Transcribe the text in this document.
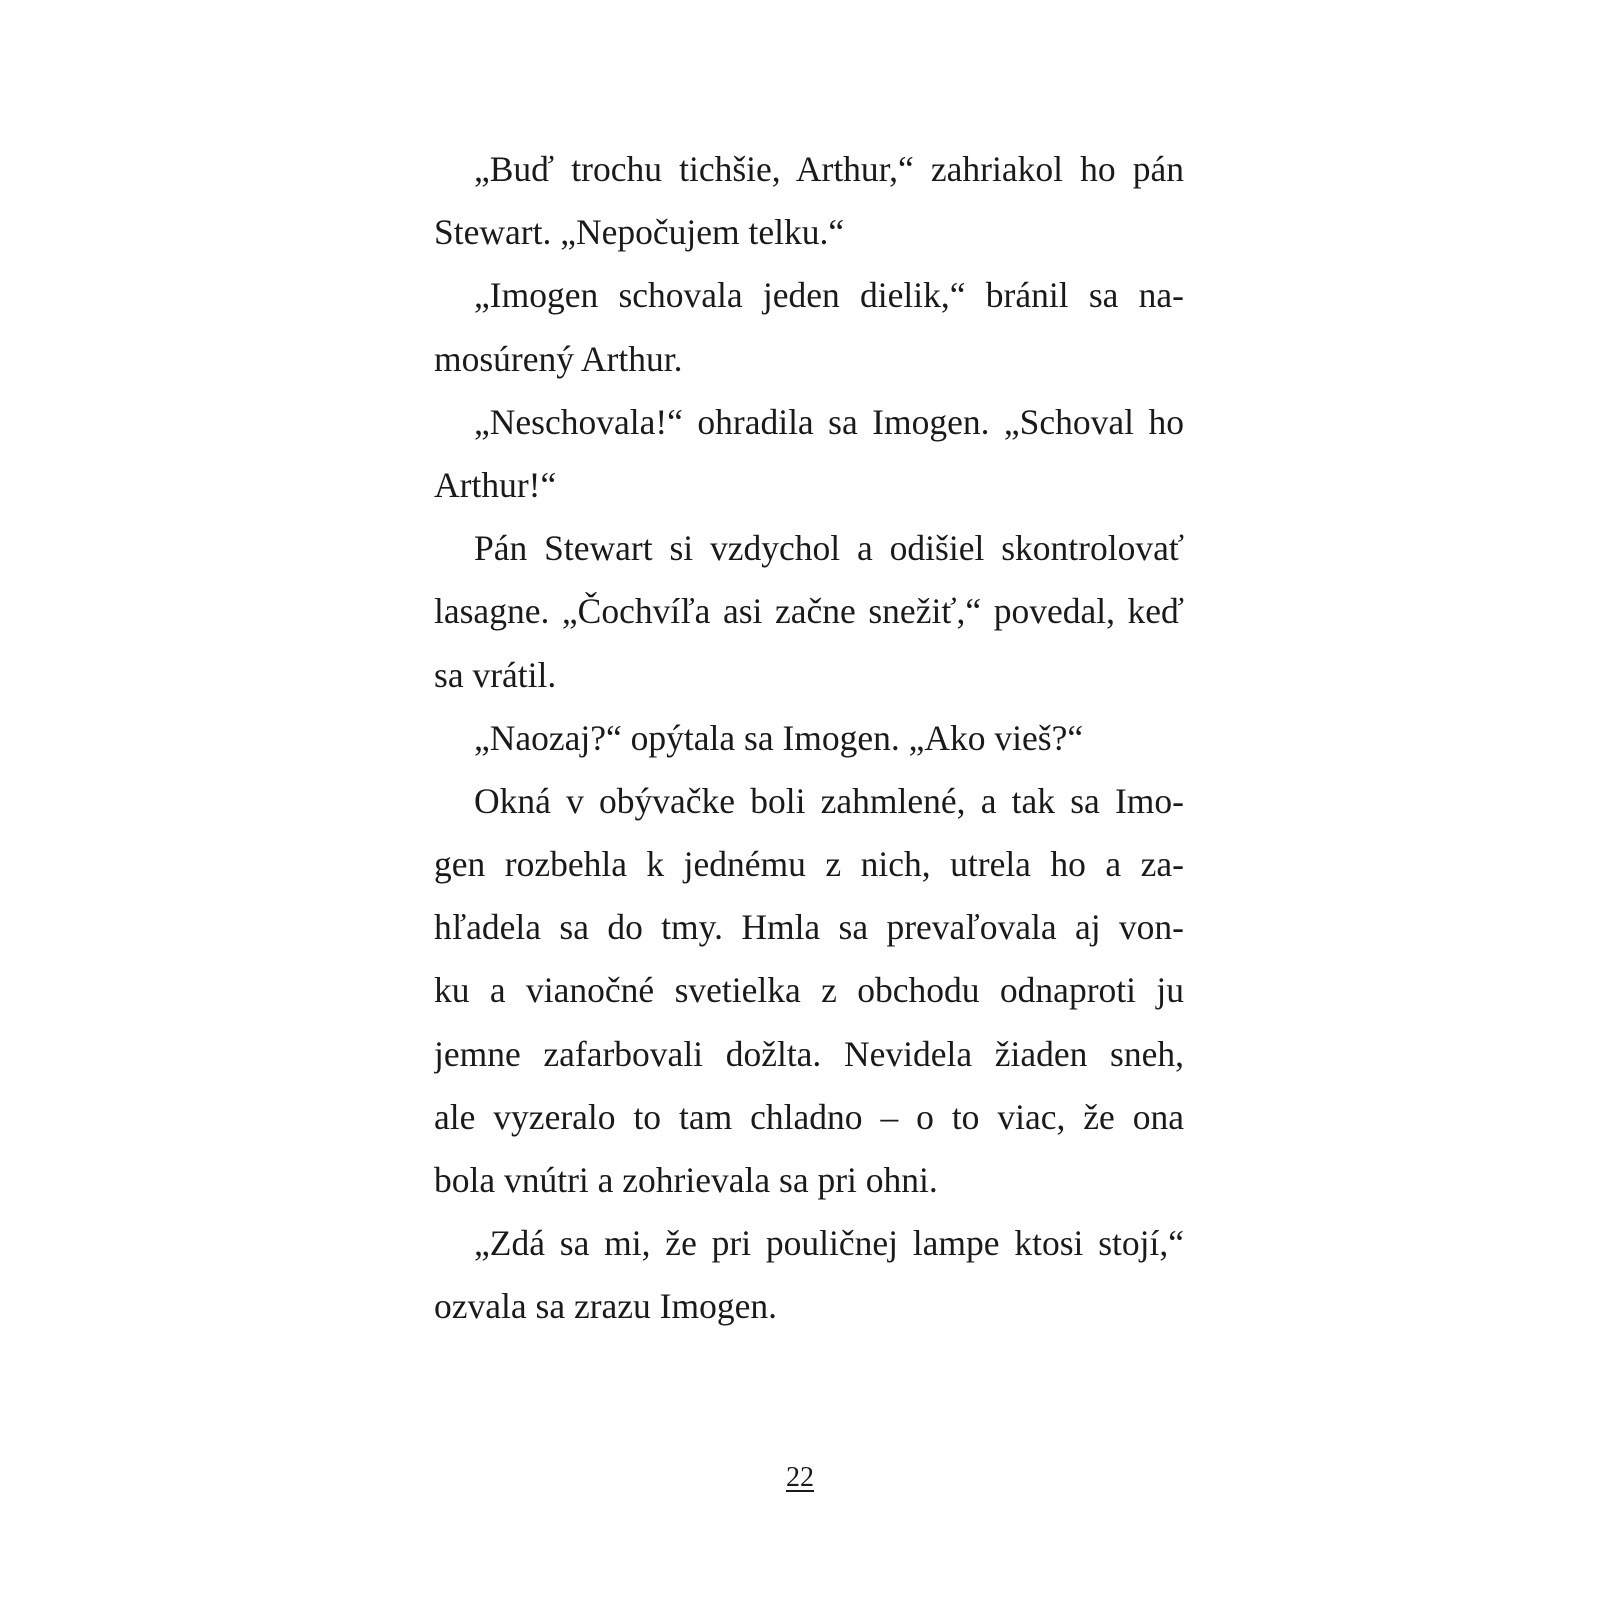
„Buď trochu tichšie, Arthur,“ zahriakol ho pán
Stewart. „Nepočujem telku.“
„Imogen schovala jeden dielik,“ bránil sa na-
mosúrený Arthur.
„Neschovala!“ ohradila sa Imogen. „Schoval ho
Arthur!“
Pán Stewart si vzdychol a odišiel skontrolovať
lasagne. „Čochvíľa asi začne snežiť,“ povedal, keď
sa vrátil.
„Naozaj?“ opýtala sa Imogen. „Ako vieš?“
Okná v obývačke boli zahmlené, a tak sa Imo-
gen rozbehla k jednému z nich, utrela ho a za-
hľadela sa do tmy. Hmla sa prevaľovala aj von-
ku a vianočné svetielka z obchodu odnaproti ju
jemne zafarbovali dožlta. Nevidela žiaden sneh,
ale vyzeralo to tam chladno – o to viac, že ona
bola vnútri a zohrievala sa pri ohni.
„Zdá sa mi, že pri pouličnej lampe ktosi stojí,“
ozvala sa zrazu Imogen.
22
